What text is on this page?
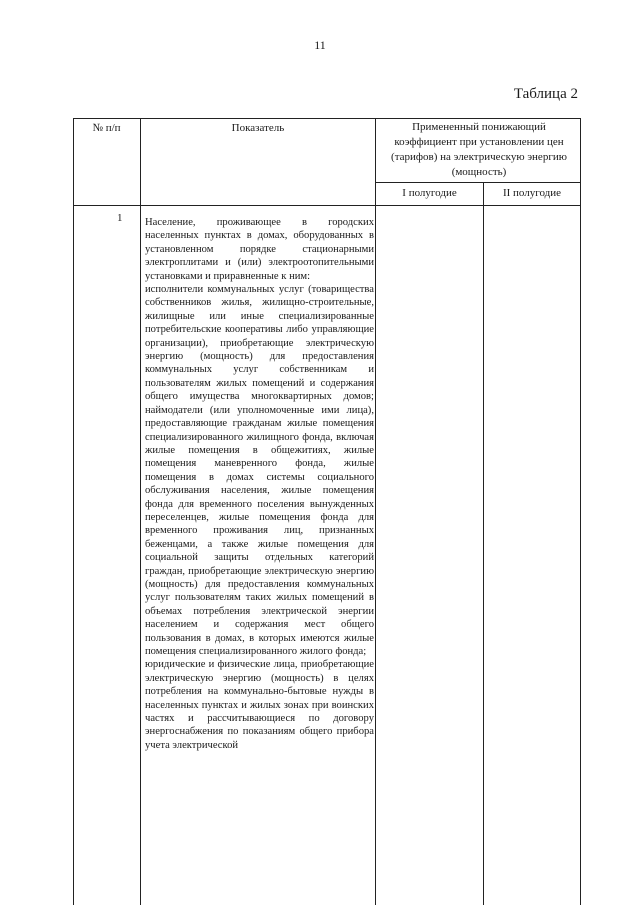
11
Таблица 2
№ п/п	Показатель	Примененный понижающий коэффициент при установлении цен (тарифов) на электрическую энергию (мощность)
I полугодие	II полугодие
1 Население, проживающее в городских населенных пунктах в домах, оборудованных в установленном порядке стационарными электроплитами и (или) электроотопительными установками и приравненные к ним:

исполнители коммунальных услуг (товарищества собственников жилья, жилищно-строительные, жилищные или иные специализированные потребительские кооперативы либо управляющие организации), приобретающие электрическую энергию (мощность) для предоставления коммунальных услуг собственникам и пользователям жилых помещений и содержания общего имущества многоквартирных домов; наймодатели (или уполномоченные ими лица), предоставляющие гражданам жилые помещения специализированного жилищного фонда, включая жилые помещения в общежитиях, жилые помещения маневренного фонда, жилые помещения в домах системы социального обслуживания населения, жилые помещения фонда для временного поселения вынужденных переселенцев, жилые помещения фонда для временного проживания лиц, признанных беженцами, а также жилые помещения для социальной защиты отдельных категорий граждан, приобретающие электрическую энергию (мощность) для предоставления коммунальных услуг пользователям таких жилых помещений в объемах потребления электрической энергии населением и содержания мест общего пользования в домах, в которых имеются жилые помещения специализированного жилого фонда;

юридические и физические лица, приобретающие электрическую энергию (мощность) в целях потребления на коммунально-бытовые нужды в населенных пунктах и жилых зонах при воинских частях и рассчитывающиеся по договору энергоснабжения по показаниям общего прибора учета электрической
